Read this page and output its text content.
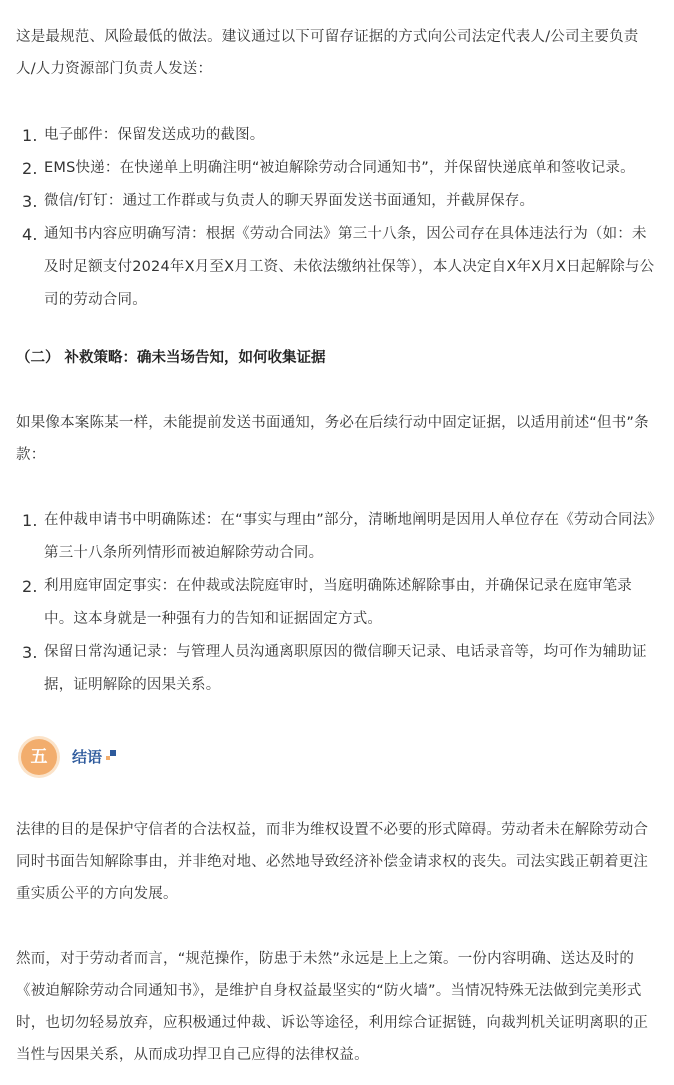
这是最规范、风险最低的做法。建议通过以下可留存证据的方式向公司法定代表人/公司主要负责人/人力资源部门负责人发送：
1. 电子邮件：保留发送成功的截图。
2. EMS快递：在快递单上明确注明“被迫解除劳动合同通知书”，并保留快递底单和签收记录。
3. 微信/钉钉：通过工作群或与负责人的聊天界面发送书面通知，并截屏保存。
4. 通知书内容应明确写清：根据《劳动合同法》第三十八条，因公司存在具体违法行为（如：未及时足额支付2024年X月至X月工资、未依法缴纳社保等），本人决定自X年X月X日起解除与公司的劳动合同。
（二） 补救策略：确未当场告知，如何收集证据
如果像本案陈某一样，未能提前发送书面通知，务必在后续行动中固定证据，以适用前述“但书”条款：
1. 在仲裁申请书中明确陈述：在“事实与理由”部分，清晰地阐明是因用人单位存在《劳动合同法》第三十八条所列情形而被迫解除劳动合同。
2. 利用庭审固定事实：在仲裁或法院庭审时，当庭明确陈述解除事由，并确保记录在庭审笔录中。这本身就是一种强有力的告知和证据固定方式。
3. 保留日常沟通记录：与管理人员沟通离职原因的微信聊天记录、电话录音等，均可作为辅助证据，证明解除的因果关系。
五	结语
法律的目的是保护守信者的合法权益，而非为维权设置不必要的形式障碍。劳动者未在解除劳动合同时书面告知解除事由，并非绝对地、必然地导致经济补偿金请求权的丧失。司法实践正朝着更注重实质公平的方向发展。
然而，对于劳动者而言，“规范操作，防患于未然”永远是上上之策。一份内容明确、送达及时的《被迫解除劳动合同通知书》，是维护自身权益最坚实的“防火墙”。当情况特殊无法做到完美形式时，也切勿轻易放弃，应积极通过仲裁、诉讼等途径，利用综合证据链，向裁判机关证明离职的正当性与因果关系，从而成功捍卫自己应得的法律权益。
